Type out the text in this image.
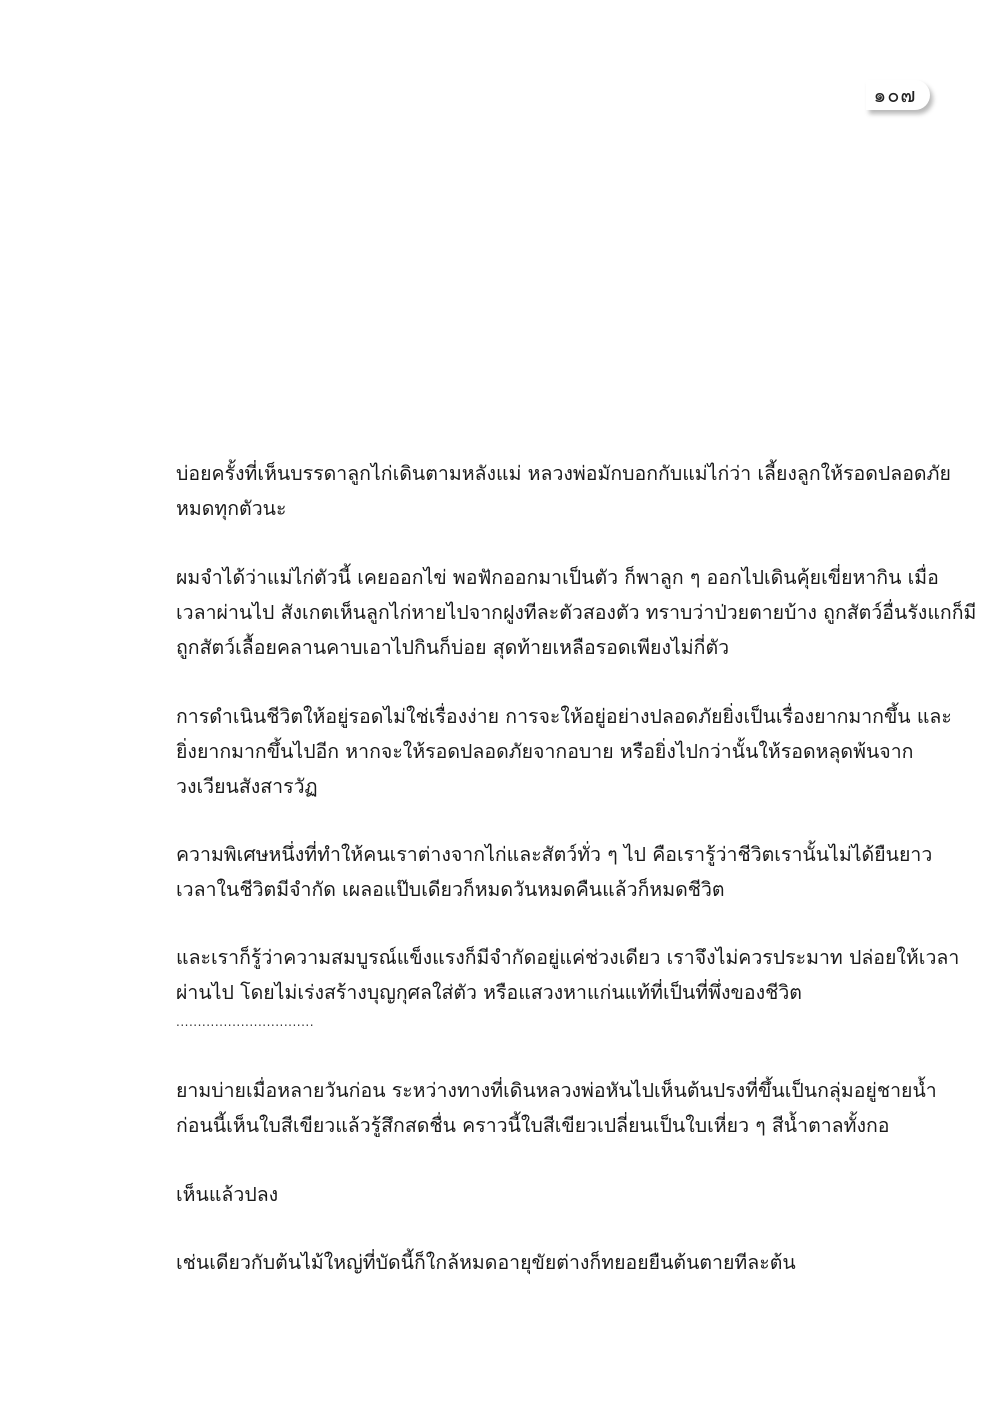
๑๐๗

บ่อยครั้งที่เห็นบรรดาลูกไก่เดินตามหลังแม่ หลวงพ่อมักบอกกับแม่ไก่ว่า เลี้ยงลูกให้รอดปลอดภัย

หมดทุกตัวนะ

ผมจำได้ว่าแม่ไก่ตัวนี้ เคยออกไข่ พอฟักออกมาเป็นตัว ก็พาลูก ๆ ออกไปเดินคุ้ยเขี่ยหากิน เมื่อ

เวลาผ่านไป สังเกตเห็นลูกไก่หายไปจากฝูงทีละตัวสองตัว ทราบว่าป่วยตายบ้าง ถูกสัตว์อื่นรังแกก็มี

ถูกสัตว์เลื้อยคลานคาบเอาไปกินก็บ่อย สุดท้ายเหลือรอดเพียงไม่กี่ตัว

การดำเนินชีวิตให้อยู่รอดไม่ใช่เรื่องง่าย การจะให้อยู่อย่างปลอดภัยยิ่งเป็นเรื่องยากมากขึ้น และ

ยิ่งยากมากขึ้นไปอีก หากจะให้รอดปลอดภัยจากอบาย หรือยิ่งไปกว่านั้นให้รอดหลุดพ้นจาก

วงเวียนสังสารวัฏ

ความพิเศษหนึ่งที่ทำให้คนเราต่างจากไก่และสัตว์ทั่ว ๆ ไป คือเรารู้ว่าชีวิตเรานั้นไม่ได้ยืนยาว

เวลาในชีวิตมีจำกัด เผลอแป๊บเดียวก็หมดวันหมดคืนแล้วก็หมดชีวิต

และเราก็รู้ว่าความสมบูรณ์แข็งแรงก็มีจำกัดอยู่แค่ช่วงเดียว เราจึงไม่ควรประมาท ปล่อยให้เวลา

ผ่านไป โดยไม่เร่งสร้างบุญกุศลใส่ตัว หรือแสวงหาแก่นแท้ที่เป็นที่พึ่งของชีวิต

ยามบ่ายเมื่อหลายวันก่อน ระหว่างทางที่เดินหลวงพ่อหันไปเห็นต้นปรงที่ขึ้นเป็นกลุ่มอยู่ชายน้ำ

ก่อนนี้เห็นใบสีเขียวแล้วรู้สึกสดชื่น คราวนี้ใบสีเขียวเปลี่ยนเป็นใบเหี่ยว ๆ สีน้ำตาลทั้งกอ

เห็นแล้วปลง

เช่นเดียวกับต้นไม้ใหญ่ที่บัดนี้ก็ใกล้หมดอายุขัยต่างก็ทยอยยืนต้นตายทีละต้น

................................
